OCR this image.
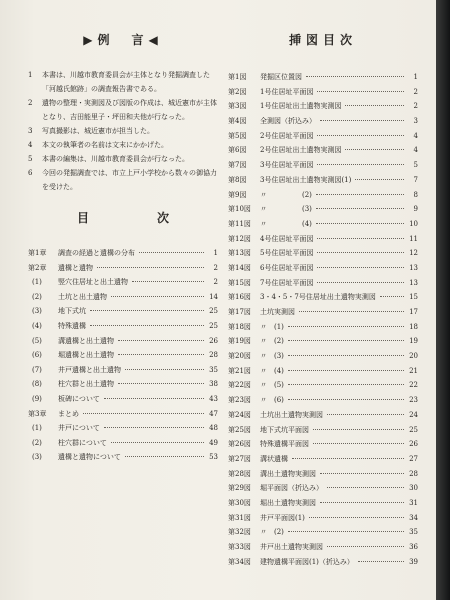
▶例　言◀
1	本書は、川越市教育委員会が主体となり発掘調査した「河越氏館跡」の調査報告書である。
2	遺物の整理・実測図及び図版の作成は、城近憲市が主体となり、吉田能里子・坪田和夫他が行なった。
3	写真撮影は、城近憲市が担当した。
4	本文の執筆者の名前は文末にかかげた。
5	本書の編集は、川越市教育委員会が行なった。
6	今回の発掘調査では、市立上戸小学校から数々の御協力を受けた。
目　次
第1章	調査の経過と遺構の分布	1
第2章	遺構と遺物	2
(1)	竪穴住居址と出土遺物	2
(2)	土坑と出土遺物	14
(3)	地下式坑	25
(4)	特殊遺構	25
(5)	溝遺構と出土遺物	26
(6)	堀遺構と出土遺物	28
(7)	井戸遺構と出土遺物	35
(8)	柱穴群と出土遺物	38
(9)	板碑について	43
第3章	まとめ	47
(1)	井戸について	48
(2)	柱穴群について	49
(3)	遺構と遺物について	53
挿図目次
第1図	発掘区位置図	1
第2図	1号住居址平面図	2
第3図	1号住居址出土遺物実測図	2
第4図	全測図（折込み）	3
第5図	2号住居址平面図	4
第6図	2号住居址出土遺物実測図	4
第7図	3号住居址平面図	5
第8図	3号住居址出土遺物実測図(1)	7
第9図	〃　　　　　(2)	8
第10図	〃　　　　　(3)	9
第11図	〃　　　　　(4)	10
第12図	4号住居址平面図	11
第13図	5号住居址平面図	12
第14図	6号住居址平面図	13
第15図	7号住居址平面図	13
第16図	3・4・5・7号住居址出土遺物実測図	15
第17図	土坑実測図	17
第18図	〃　(1)	18
第19図	〃　(2)	19
第20図	〃　(3)	20
第21図	〃　(4)	21
第22図	〃　(5)	22
第23図	〃　(6)	23
第24図	土坑出土遺物実測図	24
第25図	地下式坑平面図	25
第26図	特殊遺構平面図	26
第27図	溝状遺構	27
第28図	溝出土遺物実測図	28
第29図	堀平面図（折込み）	30
第30図	堀出土遺物実測図	31
第31図	井戸平面図(1)	34
第32図	〃　(2)	35
第33図	井戸出土遺物実測図	36
第34図	建物遺構平面図(1)（折込み）	39
